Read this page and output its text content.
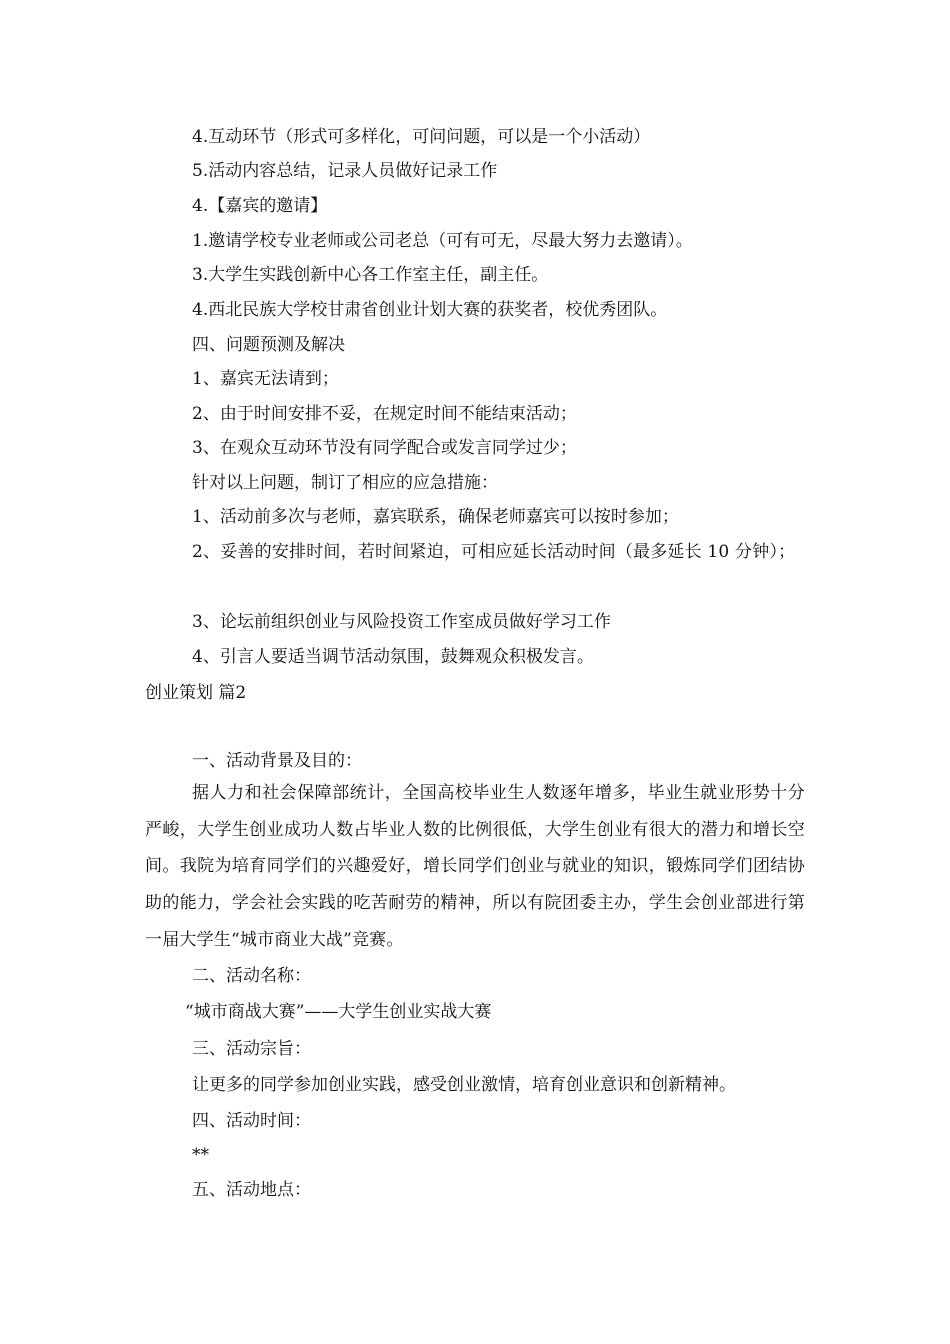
4.互动环节（形式可多样化，可问问题，可以是一个小活动）
5.活动内容总结，记录人员做好记录工作
4.【嘉宾的邀请】
1.邀请学校专业老师或公司老总（可有可无，尽最大努力去邀请）。
3.大学生实践创新中心各工作室主任，副主任。
4.西北民族大学校甘肃省创业计划大赛的获奖者，校优秀团队。
四、问题预测及解决
1、嘉宾无法请到；
2、由于时间安排不妥，在规定时间不能结束活动；
3、在观众互动环节没有同学配合或发言同学过少；
针对以上问题，制订了相应的应急措施：
1、活动前多次与老师，嘉宾联系，确保老师嘉宾可以按时参加；
2、妥善的安排时间，若时间紧迫，可相应延长活动时间（最多延长 10 分钟）；
3、论坛前组织创业与风险投资工作室成员做好学习工作
4、引言人要适当调节活动氛围，鼓舞观众积极发言。
创业策划 篇2
一、活动背景及目的：
据人力和社会保障部统计，全国高校毕业生人数逐年增多，毕业生就业形势十分严峻，大学生创业成功人数占毕业人数的比例很低，大学生创业有很大的潜力和增长空间。我院为培育同学们的兴趣爱好，增长同学们创业与就业的知识，锻炼同学们团结协助的能力，学会社会实践的吃苦耐劳的精神，所以有院团委主办，学生会创业部进行第一届大学生“城市商业大战”竞赛。
二、活动名称：
“城市商战大赛”——大学生创业实战大赛
三、活动宗旨：
让更多的同学参加创业实践，感受创业激情，培育创业意识和创新精神。
四、活动时间：
**
五、活动地点：
